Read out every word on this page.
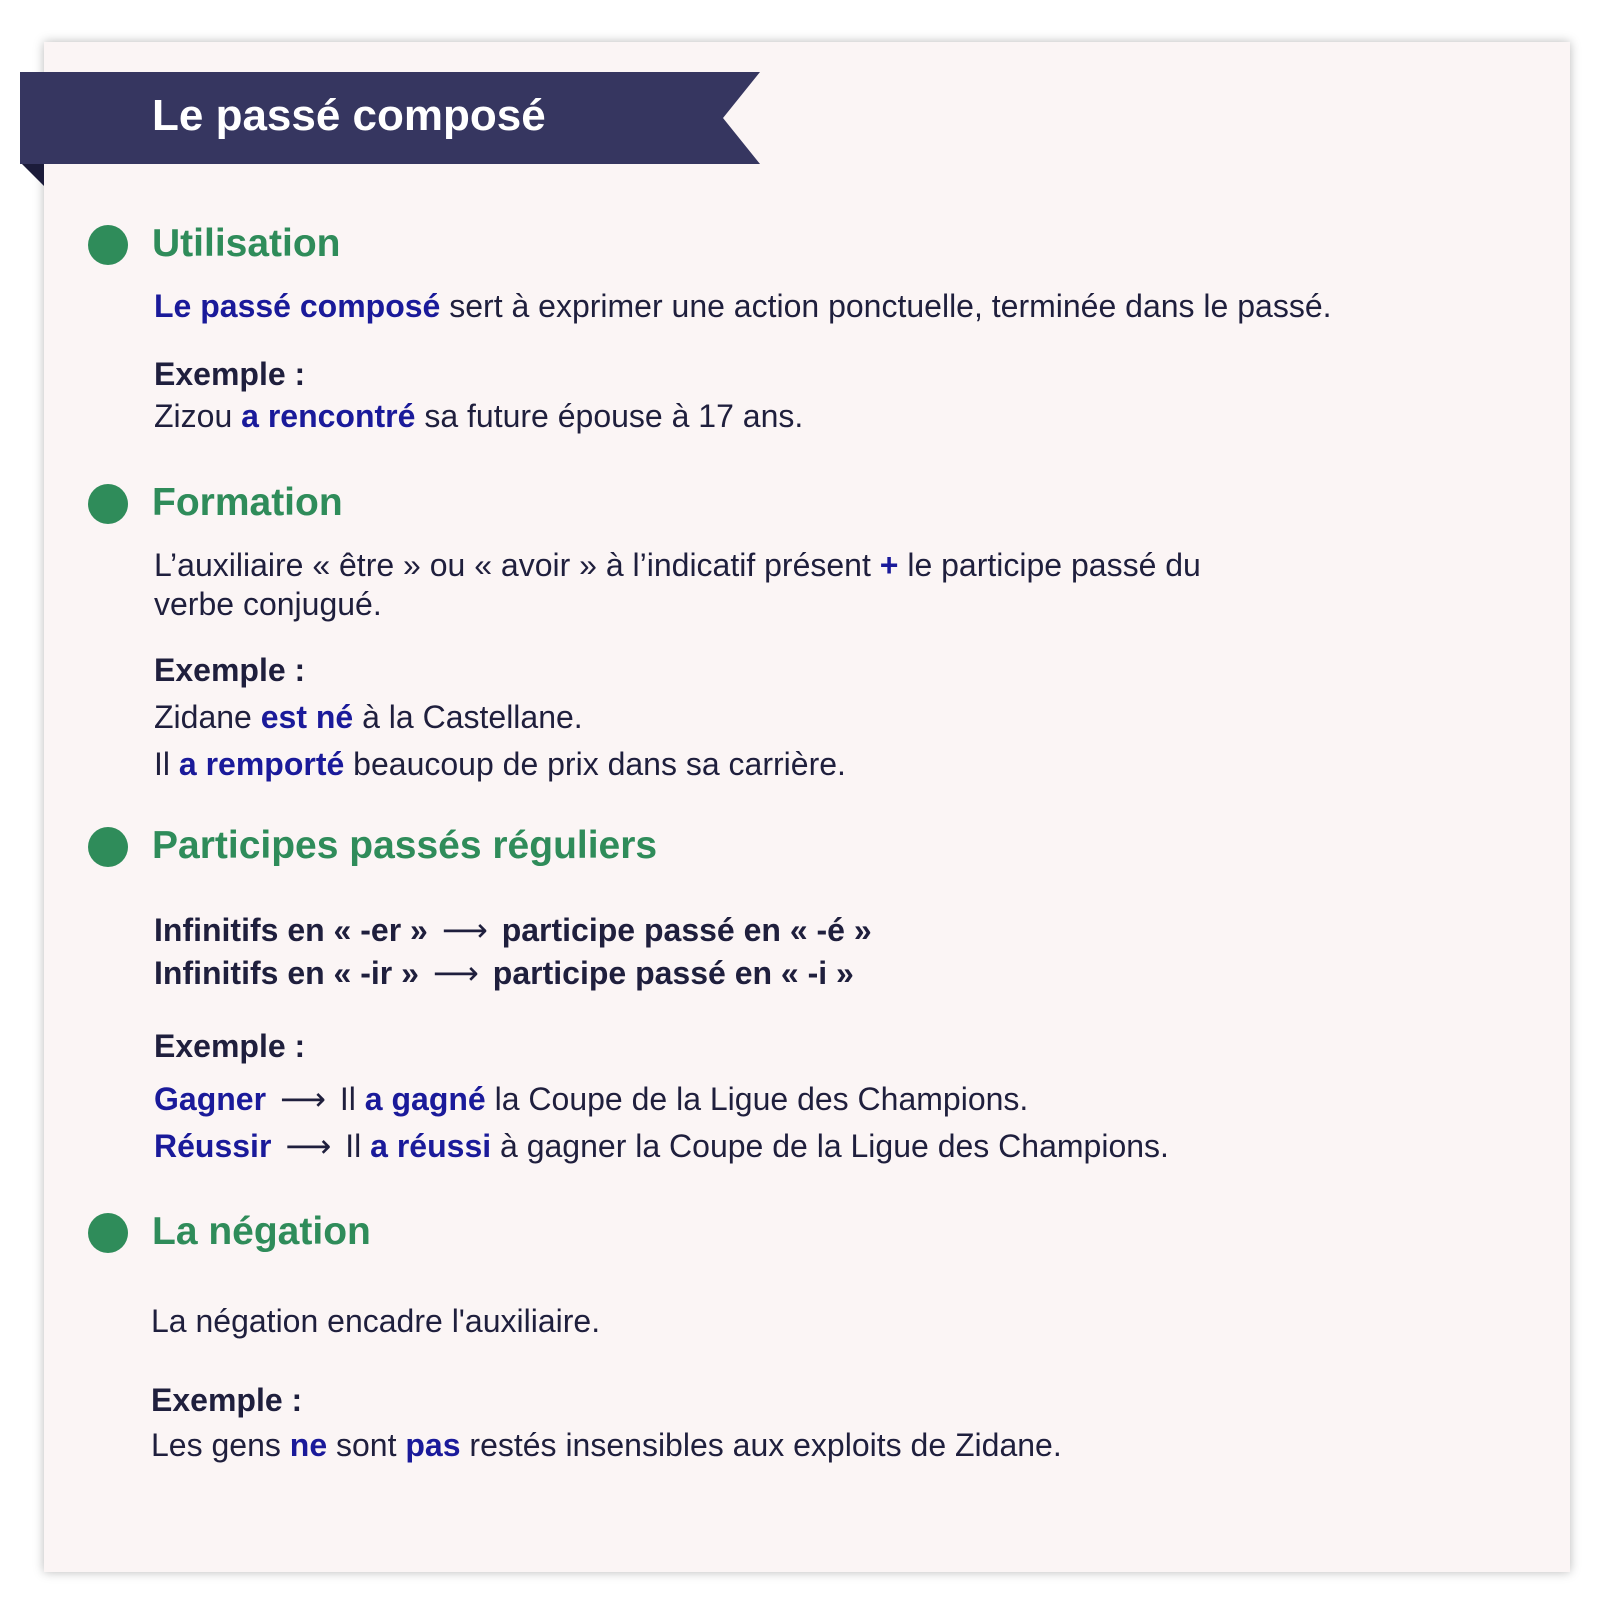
Le passé composé
Utilisation

Le passé composé sert à exprimer une action ponctuelle, terminée dans le passé.

Exemple :

Zizou a rencontré sa future épouse à 17 ans.

Formation

L’auxiliaire « être » ou « avoir » à l’indicatif présent + le participe passé du

verbe conjugué.

Exemple :

Zidane est né à la Castellane.

Il a remporté beaucoup de prix dans sa carrière.

Participes passés réguliers

Infinitifs en « -er » ⟶ participe passé en « -é »

Infinitifs en « -ir » ⟶ participe passé en « -i »

Exemple :

Gagner ⟶ Il a gagné la Coupe de la Ligue des Champions.

Réussir ⟶ Il a réussi à gagner la Coupe de la Ligue des Champions.

La négation

La négation encadre l'auxiliaire.

Exemple :

Les gens ne sont pas restés insensibles aux exploits de Zidane.
